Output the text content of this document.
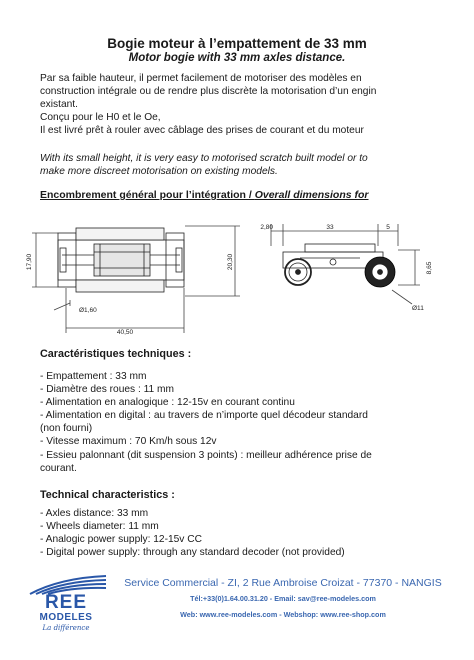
Bogie moteur à l’empattement de 33 mm
Motor bogie with 33 mm axles distance.
Par sa faible hauteur, il permet facilement de motoriser des modèles en
construction intégrale ou de rendre plus discrète la motorisation d’un engin
existant.
Conçu pour le H0 et le Oe,
Il est livré prêt à rouler avec câblage des prises de courant et du moteur
With its small height, it is very easy to motorised scratch built model or to
make more discreet motorisation on existing models.
Encombrement général pour l’intégration / Overall dimensions for
17,90	20,30
Ø1,60
40,50
2,80	33	5
8,65
Ø11
Caractéristiques techniques :
- Empattement : 33 mm
- Diamètre des roues : 11 mm
- Alimentation en analogique : 12-15v en courant continu
- Alimentation en digital : au travers de n’importe quel décodeur standard
(non fourni)
- Vitesse maximum : 70 Km/h sous 12v
- Essieu palonnant (dit suspension 3 points) : meilleur adhérence prise de
courant.
Technical characteristics :
- Axles distance: 33 mm
- Wheels diameter: 11 mm
- Analogic power supply: 12-15v CC
- Digital power supply: through any standard decoder (not provided)
REE
MODELES
La différence
Service Commercial - ZI, 2 Rue Ambroise Croizat - 77370 - NANGIS
Tél:+33(0)1.64.00.31.20 - Email: sav@ree-modeles.com
Web: www.ree-modeles.com - Webshop: www.ree-shop.com
